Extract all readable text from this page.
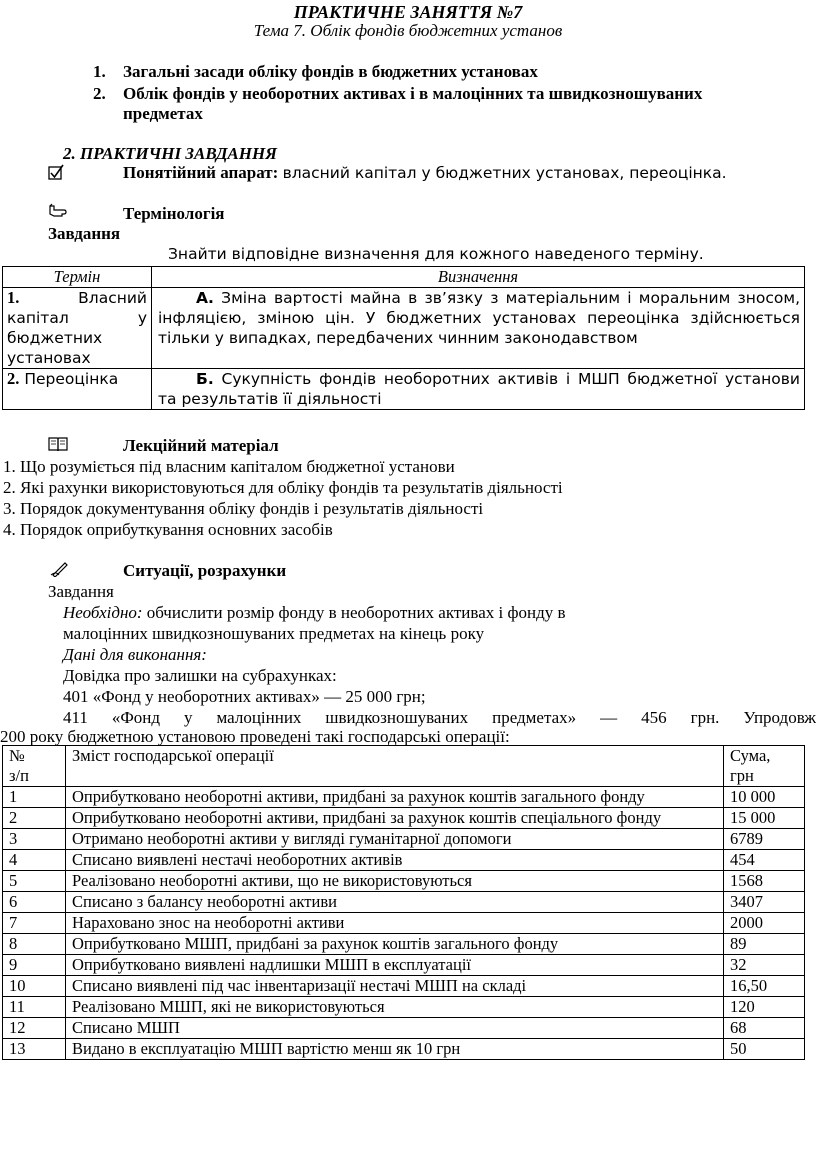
ПРАКТИЧНЕ ЗАНЯТТЯ №7
Тема 7. Облік фондів бюджетних установ
1. Загальні засади обліку фондів в бюджетних установах
2. Облік фондів у необоротних активах і в малоцінних та швидкозношуваних
предметах
2. ПРАКТИЧНІ ЗАВДАННЯ
Понятійний апарат: власний капітал у бюджетних установах, переоцінка.
Термінологія
Завдання
Знайти відповідне визначення для кожного наведеного терміну.
Термін	Визначення
1. Власний капітал у бюджетних установах	А. Зміна вартості майна в зв’язку з матеріальним і моральним зносом, інфляцією, зміною цін. У бюджетних установах переоцінка здійснюється тільки у випадках, передбачених чинним законодавством
2. Переоцінка	Б. Сукупність фондів необоротних активів і МШП бюджетної установи та результатів її діяльності
Лекційний матеріал
1. Що розуміється під власним капіталом бюджетної установи
2. Які рахунки використовуються для обліку фондів та результатів діяльності
3. Порядок документування обліку фондів і результатів діяльності
4. Порядок оприбуткування основних засобів
Ситуації, розрахунки
Завдання
Необхідно: обчислити розмір фонду в необоротних активах і фонду в
малоцінних швидкозношуваних предметах на кінець року
Дані для виконання:
Довідка про залишки на субрахунках:
401 «Фонд у необоротних активах» — 25 000 грн;
411 «Фонд у малоцінних швидкозношуваних предметах» — 456 грн. Упродовж
200 року бюджетною установою проведені такі господарські операції:
№
з/п	Зміст господарської операції	Сума,
грн
1	Оприбутковано необоротні активи, придбані за рахунок коштів загального фонду	10 000
2	Оприбутковано необоротні активи, придбані за рахунок коштів спеціального фонду	15 000
3	Отримано необоротні активи у вигляді гуманітарної допомоги	6789
4	Списано виявлені нестачі необоротних активів	454
5	Реалізовано необоротні активи, що не використовуються	1568
6	Списано з балансу необоротні активи	3407
7	Нараховано знос на необоротні активи	2000
8	Оприбутковано МШП, придбані за рахунок коштів загального фонду	89
9	Оприбутковано виявлені надлишки МШП в експлуатації	32
10	Списано виявлені під час інвентаризації нестачі МШП на складі	16,50
11	Реалізовано МШП, які не використовуються	120
12	Списано МШП	68
13	Видано в експлуатацію МШП вартістю менш як 10 грн	50
